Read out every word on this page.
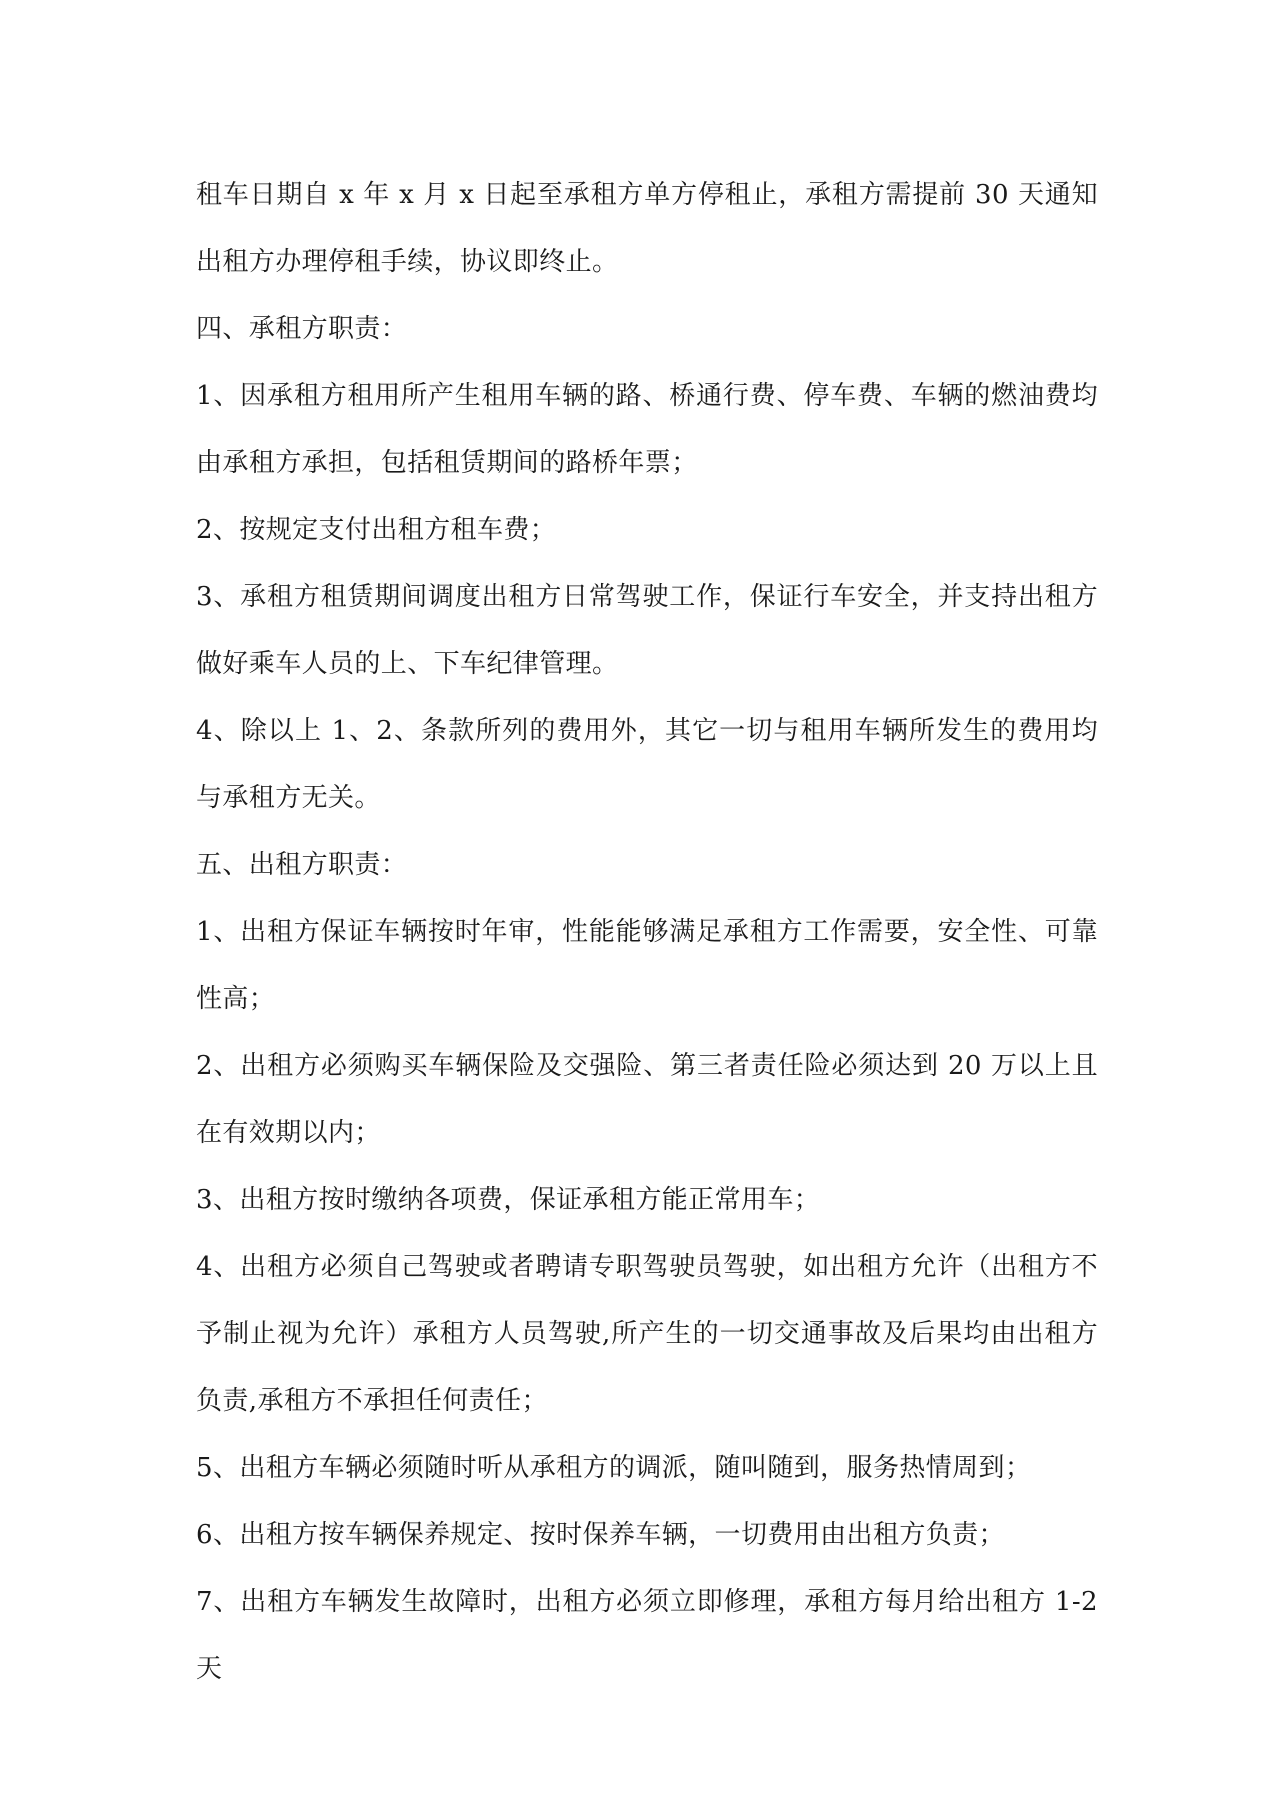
租车日期自 x 年 x 月 x 日起至承租方单方停租止，承租方需提前 30 天通知出租方办理停租手续，协议即终止。

四、承租方职责：

1、因承租方租用所产生租用车辆的路、桥通行费、停车费、车辆的燃油费均由承租方承担，包括租赁期间的路桥年票；

2、按规定支付出租方租车费；

3、承租方租赁期间调度出租方日常驾驶工作，保证行车安全，并支持出租方做好乘车人员的上、下车纪律管理。

4、除以上 1、2、条款所列的费用外，其它一切与租用车辆所发生的费用均与承租方无关。

五、出租方职责：

1、出租方保证车辆按时年审，性能能够满足承租方工作需要，安全性、可靠性高；

2、出租方必须购买车辆保险及交强险、第三者责任险必须达到 20 万以上且在有效期以内；

3、出租方按时缴纳各项费，保证承租方能正常用车；

4、出租方必须自己驾驶或者聘请专职驾驶员驾驶，如出租方允许（出租方不予制止视为允许）承租方人员驾驶,所产生的一切交通事故及后果均由出租方负责,承租方不承担任何责任；

5、出租方车辆必须随时听从承租方的调派，随叫随到，服务热情周到；

6、出租方按车辆保养规定、按时保养车辆，一切费用由出租方负责；

7、出租方车辆发生故障时，出租方必须立即修理，承租方每月给出租方 1-2 天
